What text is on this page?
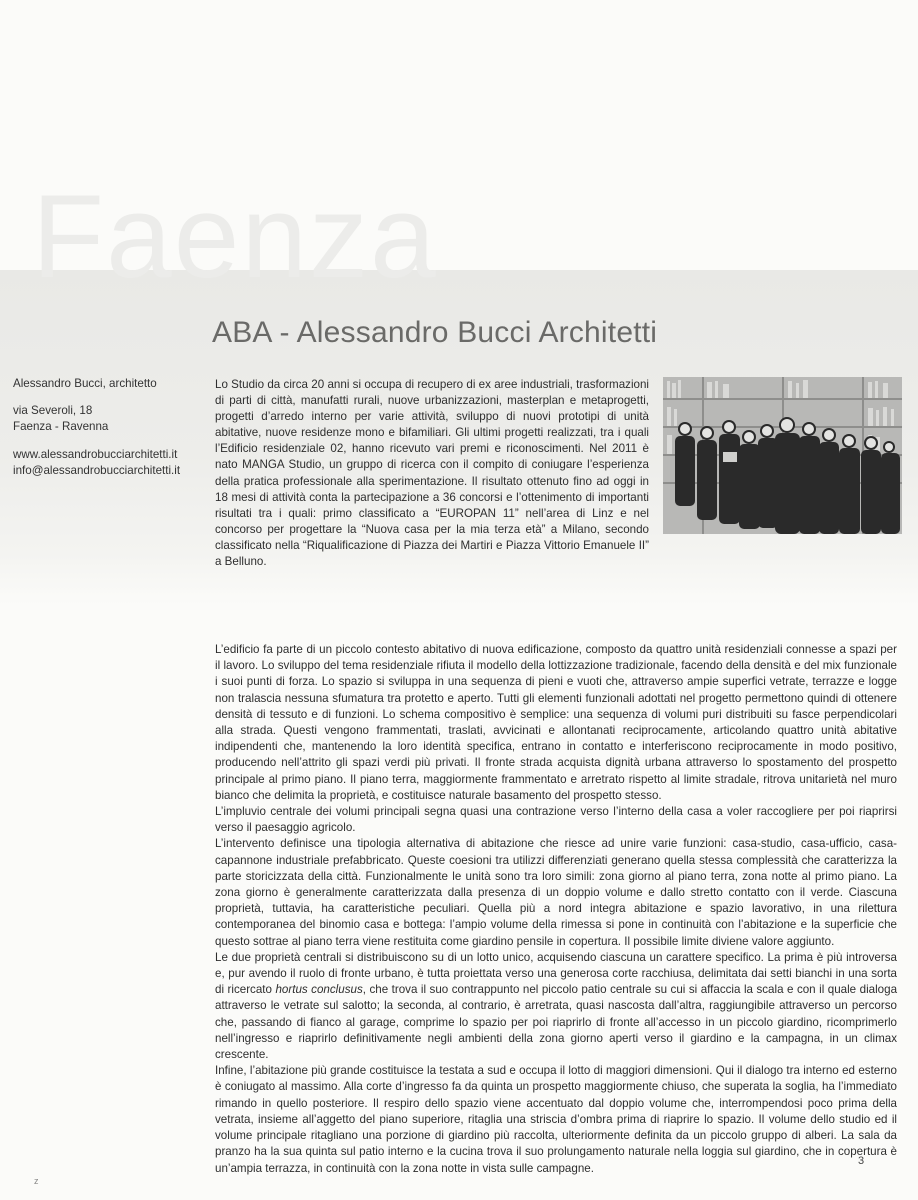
Faenza
ABA - Alessandro Bucci Architetti
Alessandro Bucci, architetto
via Severoli, 18
Faenza - Ravenna
www.alessandrobucciarchitetti.it
info@alessandrobucciarchitetti.it

Lo Studio da circa 20 anni si occupa di recupero di ex aree industriali, trasformazioni di parti di città, manufatti rurali, nuove urbanizzazioni, masterplan e metaprogetti, progetti d’arredo interno per varie attività, sviluppo di nuovi prototipi di unità abitative, nuove residenze mono e bifamiliari. Gli ultimi progetti realizzati, tra i quali l’Edificio residenziale 02, hanno ricevuto vari premi e riconoscimenti. Nel 2011 è nato MANGA Studio, un gruppo di ricerca con il compito di coniugare l’esperienza della pratica professionale alla sperimentazione. Il risultato ottenuto fino ad oggi in 18 mesi di attività conta la partecipazione a 36 concorsi e l’ottenimento di importanti risultati tra i quali: primo classificato a “EUROPAN 11” nell’area di Linz e nel concorso per progettare la “Nuova casa per la mia terza età” a Milano, secondo classificato nella “Riqualificazione di Piazza dei Martiri e Piazza Vittorio Emanuele II” a Belluno.

L’edificio fa parte di un piccolo contesto abitativo di nuova edificazione, composto da quattro unità residenziali connesse a spazi per il lavoro. Lo sviluppo del tema residenziale rifiuta il modello della lottizzazione tradizionale, facendo della densità e del mix funzionale i suoi punti di forza. Lo spazio si sviluppa in una sequenza di pieni e vuoti che, attraverso ampie superfici vetrate, terrazze e logge non tralascia nessuna sfumatura tra protetto e aperto. Tutti gli elementi funzionali adottati nel progetto permettono quindi di ottenere densità di tessuto e di funzioni. Lo schema compositivo è semplice: una sequenza di volumi puri distribuiti su fasce perpendicolari alla strada. Questi vengono frammentati, traslati, avvicinati e allontanati reciprocamente, articolando quattro unità abitative indipendenti che, mantenendo la loro identità specifica, entrano in contatto e interferiscono reciprocamente in modo positivo, producendo nell’attrito gli spazi verdi più privati. Il fronte strada acquista dignità urbana attraverso lo spostamento del prospetto principale al primo piano. Il piano terra, maggiormente frammentato e arretrato rispetto al limite stradale, ritrova unitarietà nel muro bianco che delimita la proprietà, e costituisce naturale basamento del prospetto stesso.

L’impluvio centrale dei volumi principali segna quasi una contrazione verso l’interno della casa a voler raccogliere per poi riaprirsi verso il paesaggio agricolo.

L’intervento definisce una tipologia alternativa di abitazione che riesce ad unire varie funzioni: casa-studio, casa-ufficio, casa-capannone industriale prefabbricato. Queste coesioni tra utilizzi differenziati generano quella stessa complessità che caratterizza la parte storicizzata della città. Funzionalmente le unità sono tra loro simili: zona giorno al piano terra, zona notte al primo piano. La zona giorno è generalmente caratterizzata dalla presenza di un doppio volume e dallo stretto contatto con il verde. Ciascuna proprietà, tuttavia, ha caratteristiche peculiari. Quella più a nord integra abitazione e spazio lavorativo, in una rilettura contemporanea del binomio casa e bottega: l’ampio volume della rimessa si pone in continuità con l’abitazione e la superficie che questo sottrae al piano terra viene restituita come giardino pensile in copertura. Il possibile limite diviene valore aggiunto.

Le due proprietà centrali si distribuiscono su di un lotto unico, acquisendo ciascuna un carattere specifico. La prima è più introversa e, pur avendo il ruolo di fronte urbano, è tutta proiettata verso una generosa corte racchiusa, delimitata dai setti bianchi in una sorta di ricercato hortus conclusus, che trova il suo contrappunto nel piccolo patio centrale su cui si affaccia la scala e con il quale dialoga attraverso le vetrate sul salotto; la seconda, al contrario, è arretrata, quasi nascosta dall’altra, raggiungibile attraverso un percorso che, passando di fianco al garage, comprime lo spazio per poi riaprirlo di fronte all’accesso in un piccolo giardino, ricomprimerlo nell’ingresso e riaprirlo definitivamente negli ambienti della zona giorno aperti verso il giardino e la campagna, in un climax crescente.

Infine, l’abitazione più grande costituisce la testata a sud e occupa il lotto di maggiori dimensioni. Qui il dialogo tra interno ed esterno è coniugato al massimo. Alla corte d’ingresso fa da quinta un prospetto maggiormente chiuso, che superata la soglia, ha l’immediato rimando in quello posteriore. Il respiro dello spazio viene accentuato dal doppio volume che, interrompendosi poco prima della vetrata, insieme all’aggetto del piano superiore, ritaglia una striscia d’ombra prima di riaprire lo spazio. Il volume dello studio ed il volume principale ritagliano una porzione di giardino più raccolta, ulteriormente definita da un piccolo gruppo di alberi. La sala da pranzo ha la sua quinta sul patio interno e la cucina trova il suo prolungamento naturale nella loggia sul giardino, che in copertura è un’ampia terrazza, in continuità con la zona notte in vista sulle campagne.

3
z
